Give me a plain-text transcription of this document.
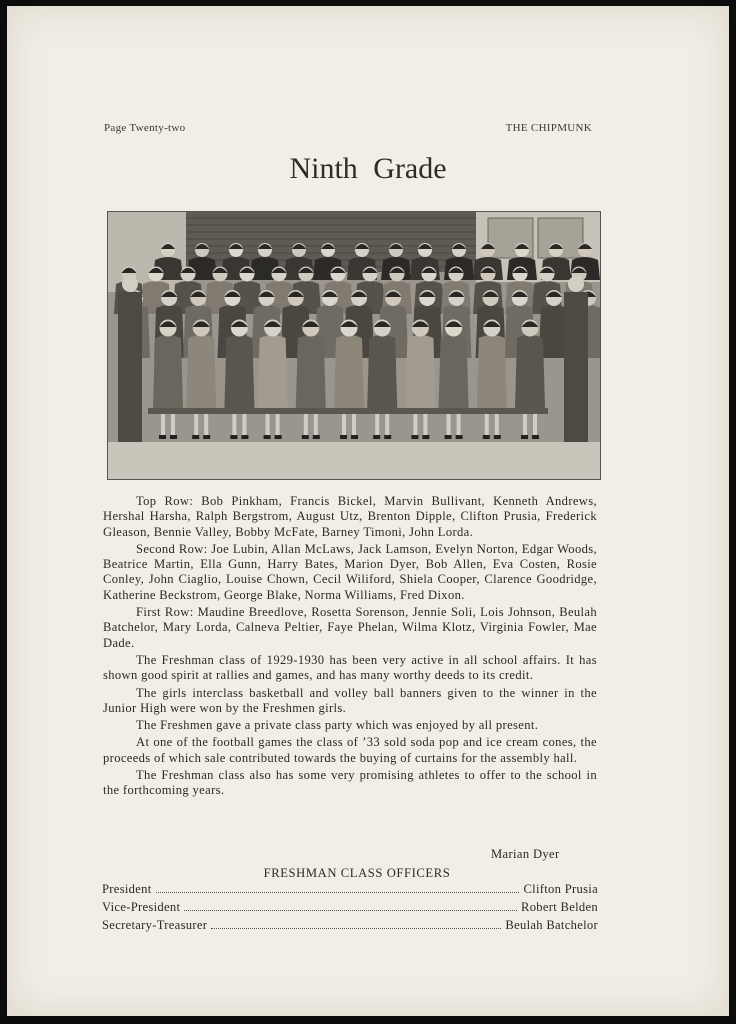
Page Twenty-two	THE CHIPMUNK
Ninth Grade

Top Row: Bob Pinkham, Francis Bickel, Marvin Bullivant, Kenneth Andrews, Hershal Harsha, Ralph Bergstrom, August Utz, Brenton Dipple, Clifton Prusia, Frederick Gleason, Bennie Valley, Bobby McFate, Barney Timoni, John Lorda.

Second Row: Joe Lubin, Allan McLaws, Jack Lamson, Evelyn Norton, Edgar Woods, Beatrice Martin, Ella Gunn, Harry Bates, Marion Dyer, Bob Allen, Eva Costen, Rosie Conley, John Ciaglio, Louise Chown, Cecil Wiliford, Shiela Cooper, Clarence Goodridge, Katherine Beckstrom, George Blake, Norma Williams, Fred Dixon.

First Row: Maudine Breedlove, Rosetta Sorenson, Jennie Soli, Lois Johnson, Beulah Batchelor, Mary Lorda, Calneva Peltier, Faye Phelan, Wilma Klotz, Virginia Fowler, Mae Dade.

The Freshman class of 1929-1930 has been very active in all school affairs. It has shown good spirit at rallies and games, and has many worthy deeds to its credit.

The girls interclass basketball and volley ball banners given to the winner in the Junior High were won by the Freshmen girls.

The Freshmen gave a private class party which was enjoyed by all present.

At one of the football games the class of ’33 sold soda pop and ice cream cones, the proceeds of which sale contributed towards the buying of curtains for the assembly hall.

The Freshman class also has some very promising athletes to offer to the school in the forthcoming years.

Marian Dyer
FRESHMAN CLASS OFFICERS
President	Clifton Prusia
Vice-President	Robert Belden
Secretary-Treasurer	Beulah Batchelor
